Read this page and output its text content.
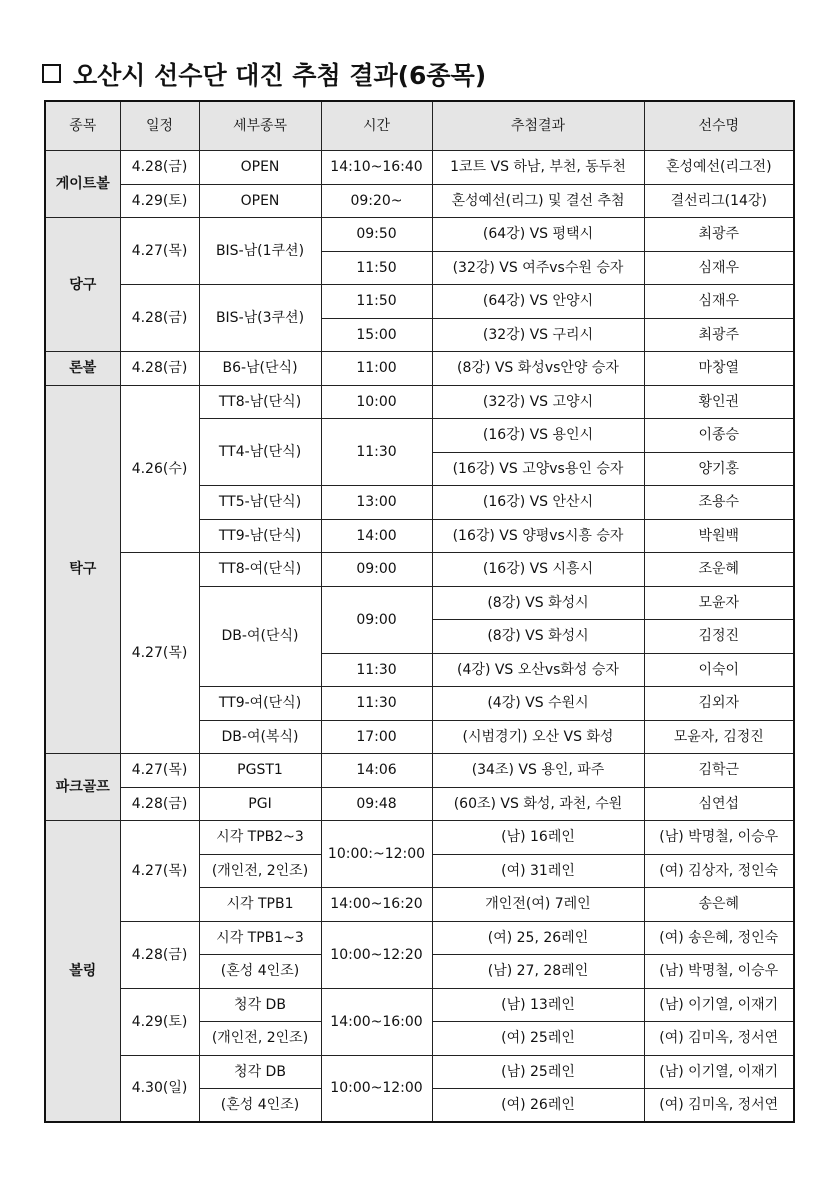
오산시 선수단 대진 추첨 결과(6종목)
종목	일정	세부종목	시간	추첨결과	선수명
게이트볼	4.28(금)	OPEN	14:10~16:40	1코트 VS 하남, 부천, 동두천	혼성예선(리그전)
	4.29(토)	OPEN	09:20~	혼성예선(리그) 및 결선 추첨	결선리그(14강)
당구	4.27(목)	BIS-남(1쿠션)	09:50	(64강) VS 평택시	최광주
			11:50	(32강) VS 여주vs수원 승자	심재우
	4.28(금)	BIS-남(3쿠션)	11:50	(64강) VS 안양시	심재우
			15:00	(32강) VS 구리시	최광주
론볼	4.28(금)	B6-남(단식)	11:00	(8강) VS 화성vs안양 승자	마창열
탁구	4.26(수)	TT8-남(단식)	10:00	(32강) VS 고양시	황인권
		TT4-남(단식)	11:30	(16강) VS 용인시	이종승
				(16강) VS 고양vs용인 승자	양기홍
		TT5-남(단식)	13:00	(16강) VS 안산시	조용수
		TT9-남(단식)	14:00	(16강) VS 양평vs시흥 승자	박원백
	4.27(목)	TT8-여(단식)	09:00	(16강) VS 시흥시	조운혜
		DB-여(단식)	09:00	(8강) VS 화성시	모윤자
				(8강) VS 화성시	김정진
			11:30	(4강) VS 오산vs화성 승자	이숙이
		TT9-여(단식)	11:30	(4강) VS 수원시	김외자
		DB-여(복식)	17:00	(시범경기) 오산 VS 화성	모윤자, 김정진
파크골프	4.27(목)	PGST1	14:06	(34조) VS 용인, 파주	김학근
	4.28(금)	PGI	09:48	(60조) VS 화성, 과천, 수원	심연섭
볼링	4.27(목)	시각 TPB2~3	10:00:~12:00	(남) 16레인	(남) 박명철, 이승우
		(개인전, 2인조)		(여) 31레인	(여) 김상자, 정인숙
		시각 TPB1	14:00~16:20	개인전(여) 7레인	송은혜
	4.28(금)	시각 TPB1~3	10:00~12:20	(여) 25, 26레인	(여) 송은혜, 정인숙
		(혼성 4인조)		(남) 27, 28레인	(남) 박명철, 이승우
	4.29(토)	청각 DB	14:00~16:00	(남) 13레인	(남) 이기열, 이재기
		(개인전, 2인조)		(여) 25레인	(여) 김미옥, 정서연
	4.30(일)	청각 DB	10:00~12:00	(남) 25레인	(남) 이기열, 이재기
		(혼성 4인조)		(여) 26레인	(여) 김미옥, 정서연
